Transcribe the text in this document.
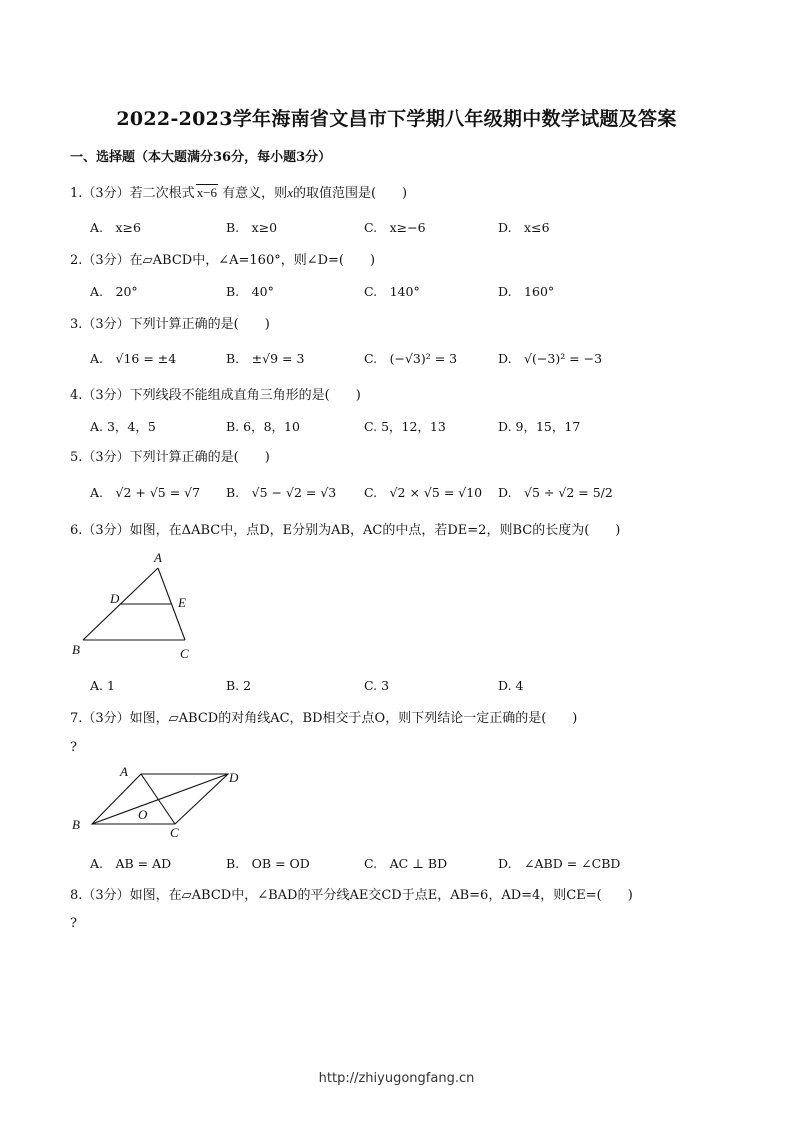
2022-2023学年海南省文昌市下学期八年级期中数学试题及答案
一、选择题（本大题满分36分，每小题3分）
1.（3分）若二次根式 x−6 有意义，则x的取值范围是(　　)
A.　x≥6	B.　x≥0	C.　x≥−6	D.　x≤6
2.（3分）在▱ABCD中，∠A=160°，则∠D=(　　)
A.　20°	B.　40°	C.　140°	D.　160°
3.（3分）下列计算正确的是(　　)
A.　√16 = ±4	B.　±√9 = 3	C.　(−√3)² = 3	D.　√(−3)² = −3
4.（3分）下列线段不能组成直角三角形的是(　　)
A. 3，4，5	B. 6，8，10	C. 5，12，13	D. 9，15，17
5.（3分）下列计算正确的是(　　)
A.　√2 + √5 = √7 B.　√5 − √2 = √3 C.　√2 × √5 = √10 D.　√5 ÷ √2 = 5/2
6.（3分）如图，在ΔABC中，点D，E分别为AB，AC的中点，若DE=2，则BC的长度为(　　)
A
D	E
B	C
A. 1	B. 2	C. 3	D. 4
7.（3分）如图，▱ABCD的对角线AC，BD相交于点O，则下列结论一定正确的是(　　)
?
A	D
B
O
C
A.　AB = AD	B.　OB = OD	C.　AC ⊥ BD	D.　∠ABD = ∠CBD
8.（3分）如图，在▱ABCD中，∠BAD的平分线AE交CD于点E，AB=6，AD=4，则CE=(　　)
?
http://zhiyugongfang.cn
